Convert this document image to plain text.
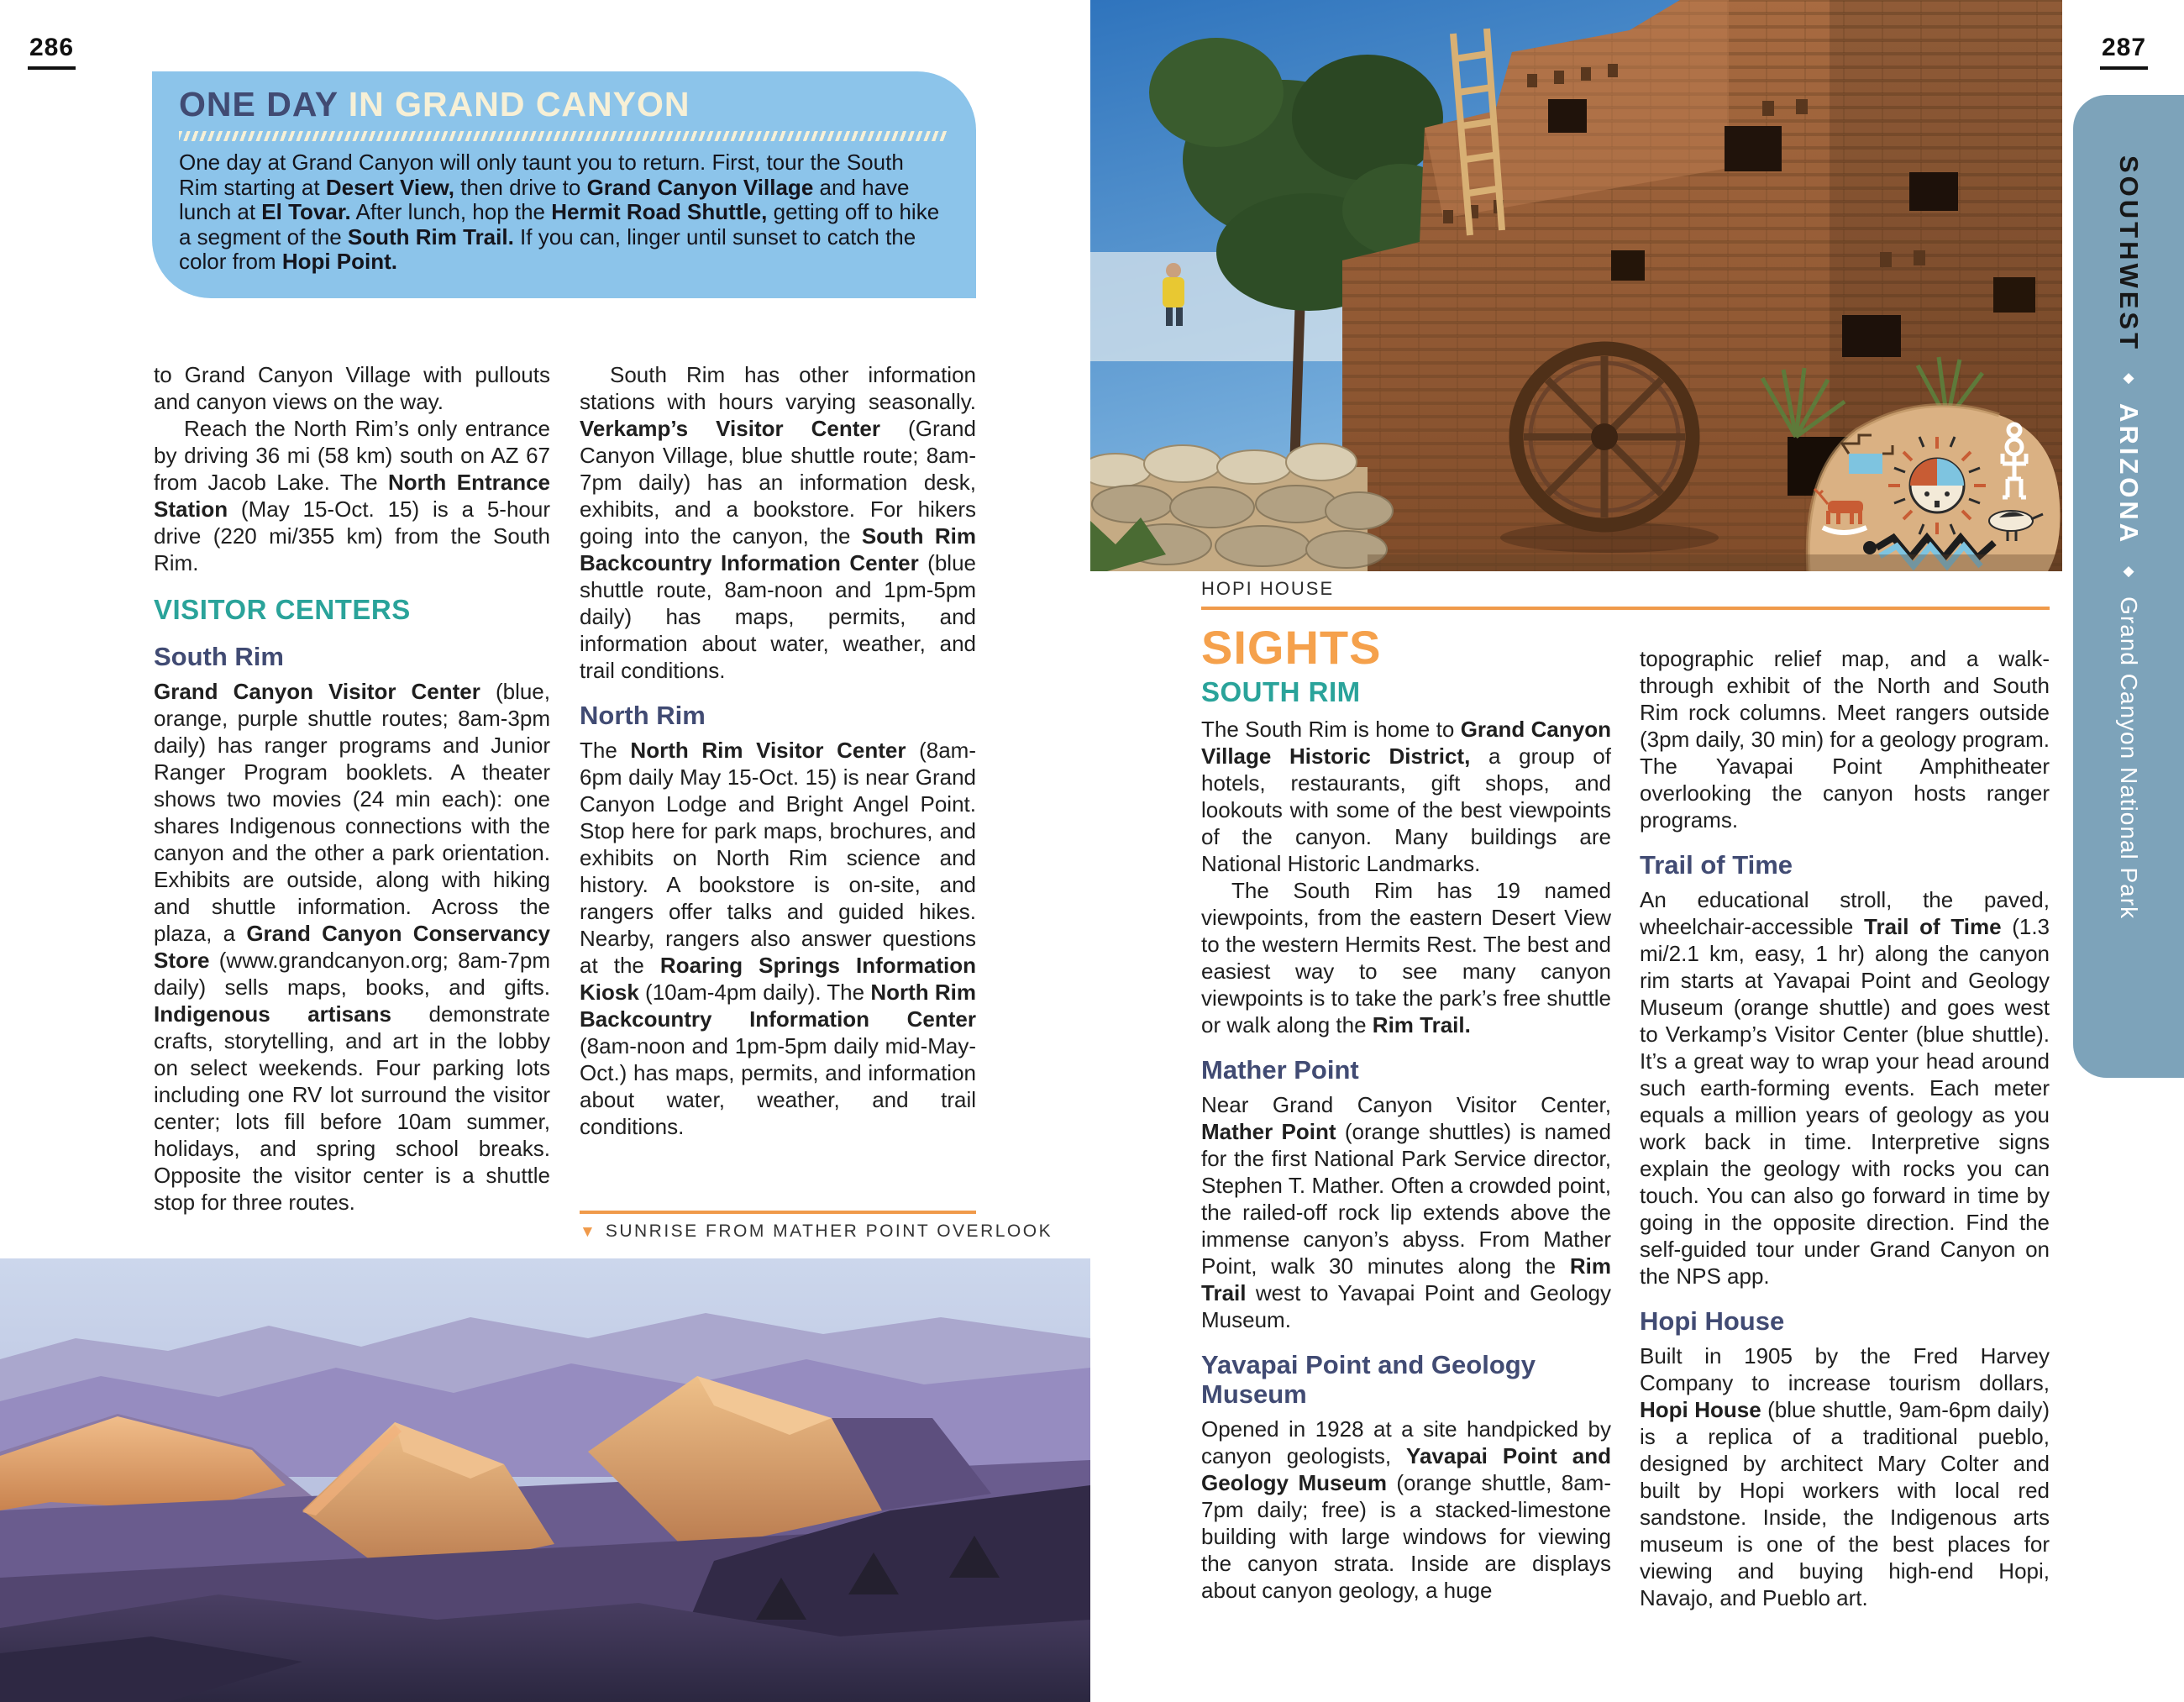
286	287
ONE DAY IN GRAND CANYON

One day at Grand Canyon will only taunt you to return. First, tour the South Rim starting at Desert View, then drive to Grand Canyon Village and have lunch at El Tovar. After lunch, hop the Hermit Road Shuttle, getting off to hike a segment of the South Rim Trail. If you can, linger until sunset to catch the color from Hopi Point.

to Grand Canyon Village with pullouts and canyon views on the way.

Reach the North Rim’s only entrance by driving 36 mi (58 km) south on AZ 67 from Jacob Lake. The North Entrance Station (May 15-Oct. 15) is a 5-hour drive (220 mi/355 km) from the South Rim.

VISITOR CENTERS
South Rim

Grand Canyon Visitor Center (blue, orange, purple shuttle routes; 8am-3pm daily) has ranger programs and Junior Ranger Program booklets. A theater shows two movies (24 min each): one shares Indigenous connections with the canyon and the other a park orientation. Exhibits are outside, along with hiking and shuttle information. Across the plaza, a Grand Canyon Conservancy Store (www.grandcanyon.org; 8am-7pm daily) sells maps, books, and gifts. Indigenous artisans demonstrate crafts, storytelling, and art in the lobby on select weekends. Four parking lots including one RV lot surround the visitor center; lots fill before 10am summer, holidays, and spring school breaks. Opposite the visitor center is a shuttle stop for three routes.

South Rim has other information stations with hours varying seasonally. Verkamp’s Visitor Center (Grand Canyon Village, blue shuttle route; 8am-7pm daily) has an information desk, exhibits, and a bookstore. For hikers going into the canyon, the South Rim Backcountry Information Center (blue shuttle route, 8am-noon and 1pm-5pm daily) has maps, permits, and information about water, weather, and trail conditions.

North Rim

The North Rim Visitor Center (8am-6pm daily May 15-Oct. 15) is near Grand Canyon Lodge and Bright Angel Point. Stop here for park maps, brochures, and exhibits on North Rim science and history. A bookstore is on-site, and rangers offer talks and guided hikes. Nearby, rangers also answer questions at the Roaring Springs Information Kiosk (10am-4pm daily). The North Rim Backcountry Information Center (8am-noon and 1pm-5pm daily mid-May-Oct.) has maps, permits, and information about water, weather, and trail conditions.

▼ SUNRISE FROM MATHER POINT OVERLOOK
HOPI HOUSE
SIGHTS
SOUTH RIM

The South Rim is home to Grand Canyon Village Historic District, a group of hotels, restaurants, gift shops, and lookouts with some of the best viewpoints of the canyon. Many buildings are National Historic Landmarks.

The South Rim has 19 named viewpoints, from the eastern Desert View to the western Hermits Rest. The best and easiest way to see many canyon viewpoints is to take the park’s free shuttle or walk along the Rim Trail.

Mather Point

Near Grand Canyon Visitor Center, Mather Point (orange shuttles) is named for the first National Park Service director, Stephen T. Mather. Often a crowded point, the railed-off rock lip extends above the immense canyon’s abyss. From Mather Point, walk 30 minutes along the Rim Trail west to Yavapai Point and Geology Museum.

Yavapai Point and Geology Museum

Opened in 1928 at a site handpicked by canyon geologists, Yavapai Point and Geology Museum (orange shuttle, 8am-7pm daily; free) is a stacked-limestone building with large windows for viewing the canyon strata. Inside are displays about canyon geology, a huge

topographic relief map, and a walk-through exhibit of the North and South Rim rock columns. Meet rangers outside (3pm daily, 30 min) for a geology program. The Yavapai Point Amphitheater overlooking the canyon hosts ranger programs.

Trail of Time

An educational stroll, the paved, wheelchair-accessible Trail of Time (1.3 mi/2.1 km, easy, 1 hr) along the canyon rim starts at Yavapai Point and Geology Museum (orange shuttle) and goes west to Verkamp’s Visitor Center (blue shuttle). It’s a great way to wrap your head around such earth-forming events. Each meter equals a million years of geology as you work back in time. Interpretive signs explain the geology with rocks you can touch. You can also go forward in time by going in the opposite direction. Find the self-guided tour under Grand Canyon on the NPS app.

Hopi House

Built in 1905 by the Fred Harvey Company to increase tourism dollars, Hopi House (blue shuttle, 9am-6pm daily) is a replica of a traditional pueblo, designed by architect Mary Colter and built by Hopi workers with local red sandstone. Inside, the Indigenous arts museum is one of the best places for viewing and buying high-end Hopi, Navajo, and Pueblo art.

SOUTHWEST ◆ ARIZONA ◆ Grand Canyon National Park
